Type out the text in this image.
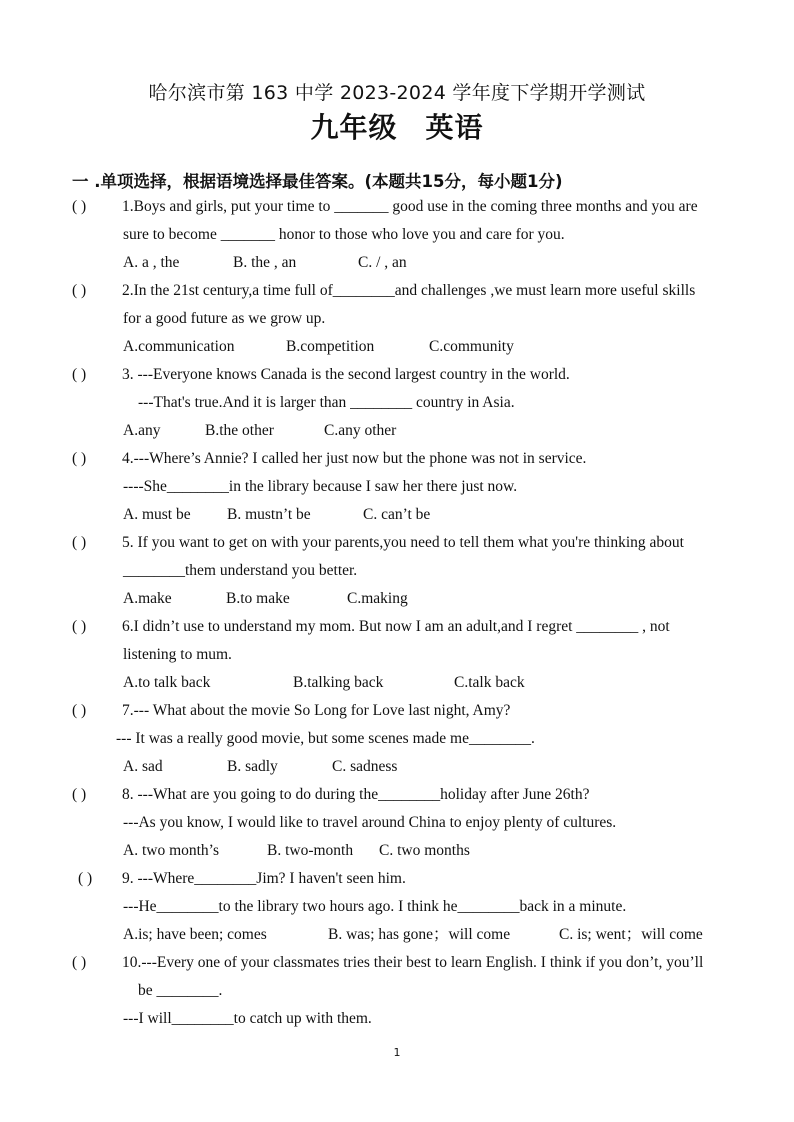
哈尔滨市第 163 中学 2023-2024 学年度下学期开学测试
九年级 英语
一 .单项选择，根据语境选择最佳答案。(本题共15分，每小题1分)
( ) 1.Boys and girls, put your time to _______ good use in the coming three months and you are
sure to become _______ honor to those who love you and care for you.
A. a , the	B. the , an	C. / , an
( ) 2.In the 21st century,a time full of________and challenges ,we must learn more useful skills
for a good future as we grow up.
A.communication	B.competition	C.community
( ) 3. ---Everyone knows Canada is the second largest country in the world.
---That's true.And it is larger than ________ country in Asia.
A.any	B.the other	C.any other
( ) 4.---Where’s Annie? I called her just now but the phone was not in service.
----She________in the library because I saw her there just now.
A. must be B. mustn’t be	C. can’t be
( ) 5. If you want to get on with your parents,you need to tell them what you're thinking about
________them understand you better.
A.make	B.to make	C.making
( ) 6.I didn’t use to understand my mom. But now I am an adult,and I regret ________ , not
listening to mum.
A.to talk back	B.talking back	C.talk back
( ) 7.--- What about the movie So Long for Love last night, Amy?
--- It was a really good movie, but some scenes made me________.
A. sad	B. sadly	C. sadness
( ) 8. ---What are you going to do during the________holiday after June 26th?
---As you know, I would like to travel around China to enjoy plenty of cultures.
A. two month’s	B. two-month C. two months
( ) 9. ---Where________Jim? I haven't seen him.
---He________to the library two hours ago. I think he________back in a minute.
A.is; have been; comes	B. was; has gone；will come	C. is; went；will come
( ) 10.---Every one of your classmates tries their best to learn English. I think if you don’t, you’ll
be ________.
---I will________to catch up with them.
1
